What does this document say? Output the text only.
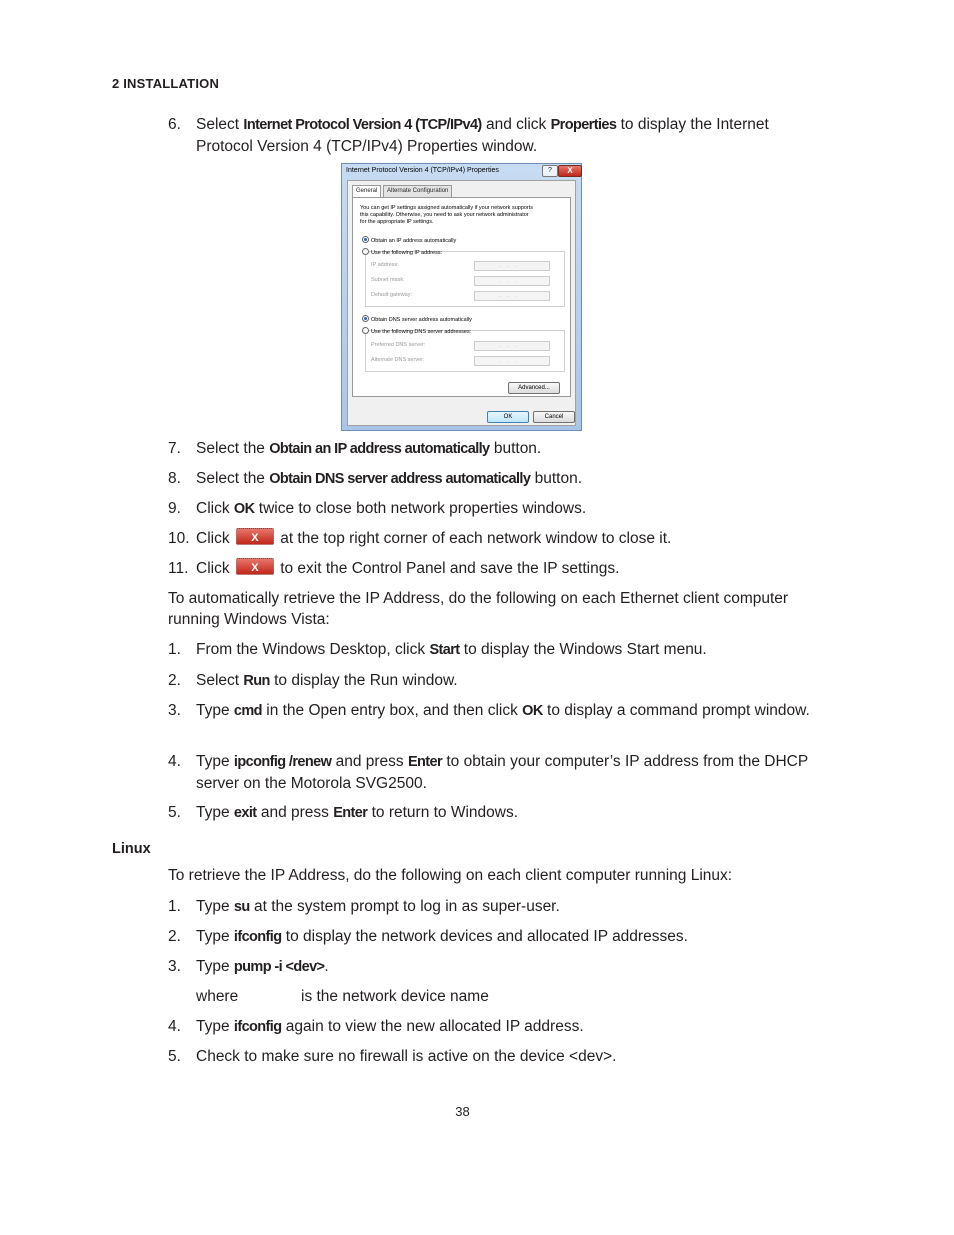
2 INSTALLATION
6. Select Internet Protocol Version 4 (TCP/IPv4) and click Properties to display the Internet Protocol Version 4 (TCP/IPv4) Properties window.
Internet Protocol Version 4 (TCP/IPv4) Properties	?	X
General	Alternate Configuration
You can get IP settings assigned automatically if your network supports
this capability. Otherwise, you need to ask your network administrator
for the appropriate IP settings.
Obtain an IP address automatically
Use the following IP address:
IP address:	...
Subnet mask:	...
Default gateway:	...
Obtain DNS server address automatically
Use the following DNS server addresses:
Preferred DNS server:	...
Alternate DNS server:	...
Advanced...
OK	Cancel
7. Select the Obtain an IP address automatically button.
8. Select the Obtain DNS server address automatically button.
9. Click OK twice to close both network properties windows.
10. Click	X	at the top right corner of each network window to close it.
11. Click	X	to exit the Control Panel and save the IP settings.
To automatically retrieve the IP Address, do the following on each Ethernet client computer running Windows Vista:
1. From the Windows Desktop, click Start to display the Windows Start menu.
2. Select Run to display the Run window.
3. Type cmd in the Open entry box, and then click OK to display a command prompt window.
4. Type ipconfig /renew and press Enter to obtain your computer’s IP address from the DHCP server on the Motorola SVG2500.
5. Type exit and press Enter to return to Windows.
Linux
To retrieve the IP Address, do the following on each client computer running Linux:
1. Type su at the system prompt to log in as super-user.
2. Type ifconfig to display the network devices and allocated IP addresses.
3. Type pump -i <dev>.
where	is the network device name
4. Type ifconfig again to view the new allocated IP address.
5. Check to make sure no firewall is active on the device <dev>.
38
